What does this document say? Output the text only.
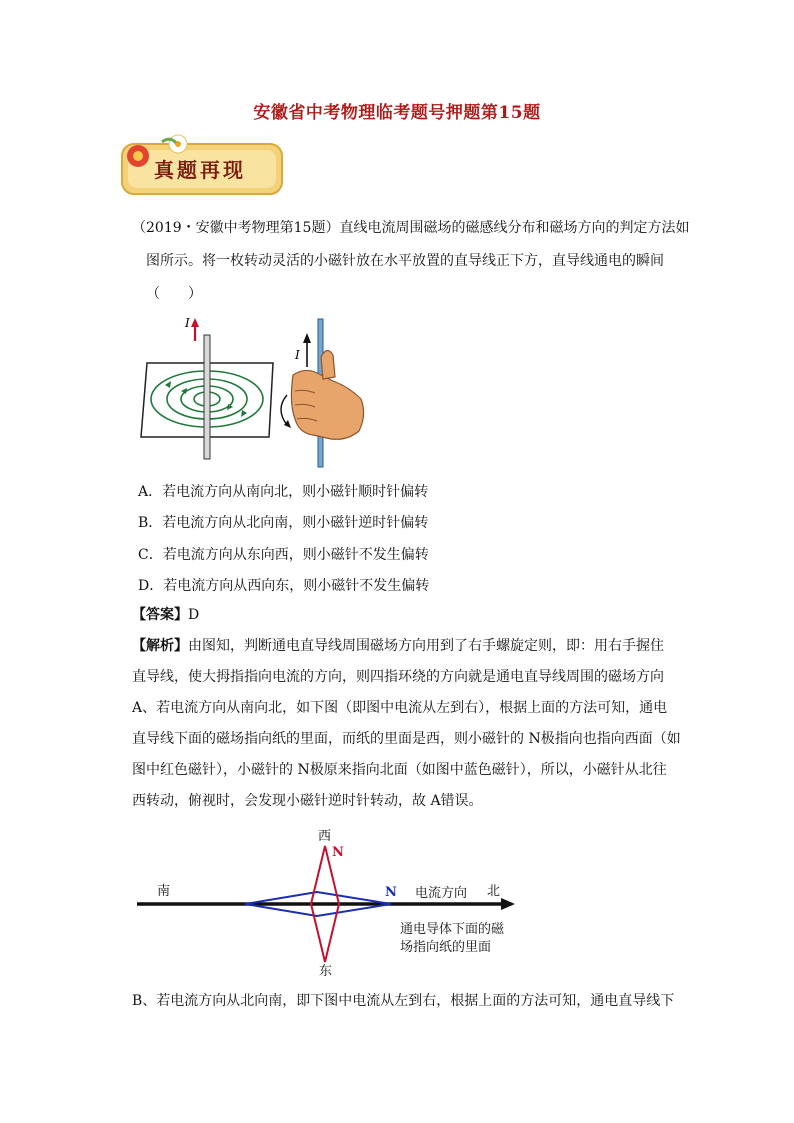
安徽省中考物理临考题号押题第15题
真题再现
（2019・安徽中考物理第15题）直线电流周围磁场的磁感线分布和磁场方向的判定方法如
图所示。将一枚转动灵活的小磁针放在水平放置的直导线正下方，直导线通电的瞬间
（　　）
I
I
A．若电流方向从南向北，则小磁针顺时针偏转
B．若电流方向从北向南，则小磁针逆时针偏转
C．若电流方向从东向西，则小磁针不发生偏转
D．若电流方向从西向东，则小磁针不发生偏转
【答案】D
【解析】由图知，判断通电直导线周围磁场方向用到了右手螺旋定则，即：用右手握住
直导线，使大拇指指向电流的方向，则四指环绕的方向就是通电直导线周围的磁场方向
A、若电流方向从南向北，如下图（即图中电流从左到右），根据上面的方法可知，通电
直导线下面的磁场指向纸的里面，而纸的里面是西，则小磁针的 N极指向也指向西面（如
图中红色磁针），小磁针的 N极原来指向北面（如图中蓝色磁针），所以，小磁针从北往
西转动，俯视时，会发现小磁针逆时针转动，故 A错误。
N
N
西
东
南	北
电流方向
通电导体下面的磁
场指向纸的里面
B、若电流方向从北向南，即下图中电流从左到右，根据上面的方法可知，通电直导线下
